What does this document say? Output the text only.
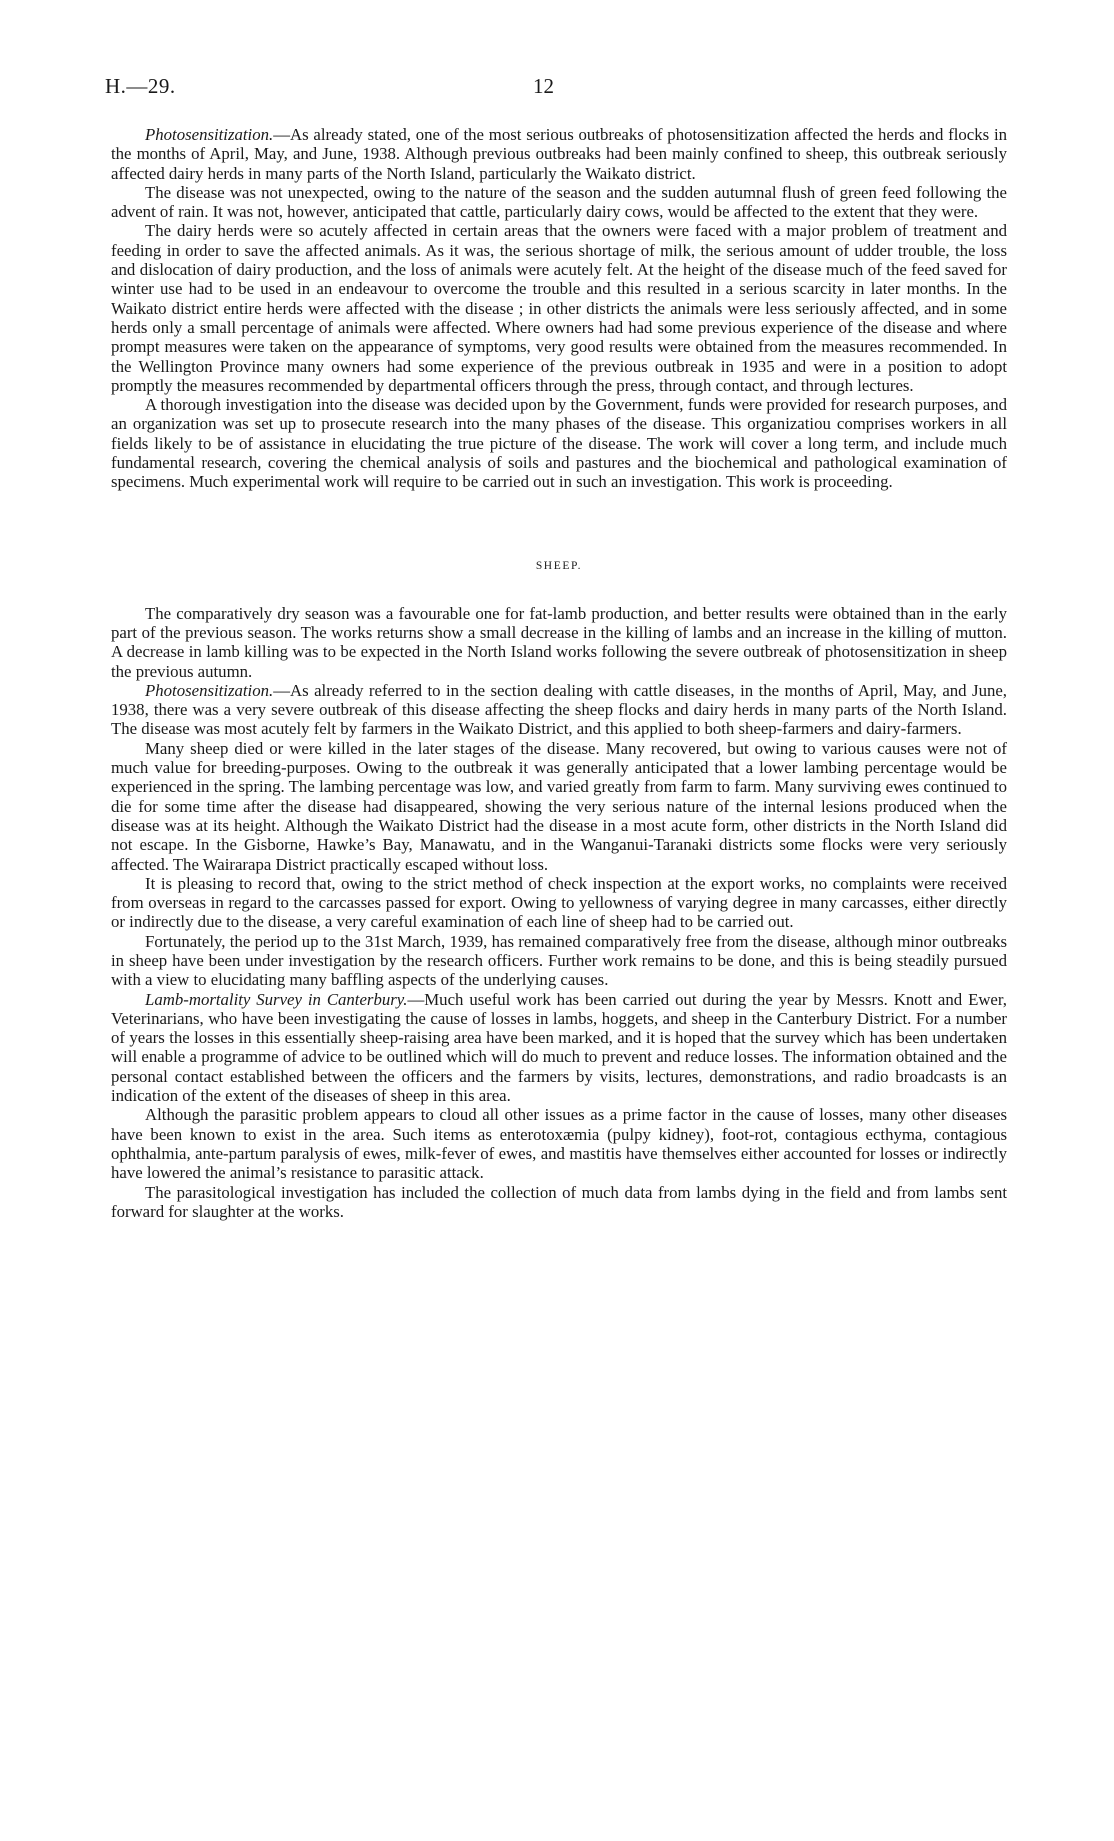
H.—29.	12

Photosensitization.—As already stated, one of the most serious outbreaks of photosensitization affected the herds and flocks in the months of April, May, and June, 1938. Although previous outbreaks had been mainly confined to sheep, this outbreak seriously affected dairy herds in many parts of the North Island, particularly the Waikato district.

The disease was not unexpected, owing to the nature of the season and the sudden autumnal flush of green feed following the advent of rain. It was not, however, anticipated that cattle, particularly dairy cows, would be affected to the extent that they were.

The dairy herds were so acutely affected in certain areas that the owners were faced with a major problem of treatment and feeding in order to save the affected animals. As it was, the serious shortage of milk, the serious amount of udder trouble, the loss and dislocation of dairy production, and the loss of animals were acutely felt. At the height of the disease much of the feed saved for winter use had to be used in an endeavour to overcome the trouble and this resulted in a serious scarcity in later months. In the Waikato district entire herds were affected with the disease ; in other districts the animals were less seriously affected, and in some herds only a small percentage of animals were affected. Where owners had had some previous experience of the disease and where prompt measures were taken on the appearance of symptoms, very good results were obtained from the measures recommended. In the Wellington Province many owners had some experience of the previous outbreak in 1935 and were in a position to adopt promptly the measures recommended by departmental officers through the press, through contact, and through lectures.

A thorough investigation into the disease was decided upon by the Government, funds were provided for research purposes, and an organization was set up to prosecute research into the many phases of the disease. This organizatiou comprises workers in all fields likely to be of assistance in elucidating the true picture of the disease. The work will cover a long term, and include much fundamental research, covering the chemical analysis of soils and pastures and the biochemical and pathological examination of specimens. Much experimental work will require to be carried out in such an investigation. This work is proceeding.

SHEEP.

The comparatively dry season was a favourable one for fat-lamb production, and better results were obtained than in the early part of the previous season. The works returns show a small decrease in the killing of lambs and an increase in the killing of mutton. A decrease in lamb killing was to be expected in the North Island works following the severe outbreak of photosensitization in sheep the previous autumn.

Photosensitization.—As already referred to in the section dealing with cattle diseases, in the months of April, May, and June, 1938, there was a very severe outbreak of this disease affecting the sheep flocks and dairy herds in many parts of the North Island. The disease was most acutely felt by farmers in the Waikato District, and this applied to both sheep-farmers and dairy-farmers.

Many sheep died or were killed in the later stages of the disease. Many recovered, but owing to various causes were not of much value for breeding-purposes. Owing to the outbreak it was generally anticipated that a lower lambing percentage would be experienced in the spring. The lambing percentage was low, and varied greatly from farm to farm. Many surviving ewes continued to die for some time after the disease had disappeared, showing the very serious nature of the internal lesions produced when the disease was at its height. Although the Waikato District had the disease in a most acute form, other districts in the North Island did not escape. In the Gisborne, Hawke’s Bay, Manawatu, and in the Wanganui-Taranaki districts some flocks were very seriously affected. The Wairarapa District practically escaped without loss.

It is pleasing to record that, owing to the strict method of check inspection at the export works, no complaints were received from overseas in regard to the carcasses passed for export. Owing to yellowness of varying degree in many carcasses, either directly or indirectly due to the disease, a very careful examination of each line of sheep had to be carried out.

Fortunately, the period up to the 31st March, 1939, has remained comparatively free from the disease, although minor outbreaks in sheep have been under investigation by the research officers. Further work remains to be done, and this is being steadily pursued with a view to elucidating many baffling aspects of the underlying causes.

Lamb-mortality Survey in Canterbury.—Much useful work has been carried out during the year by Messrs. Knott and Ewer, Veterinarians, who have been investigating the cause of losses in lambs, hoggets, and sheep in the Canterbury District. For a number of years the losses in this essentially sheep-raising area have been marked, and it is hoped that the survey which has been undertaken will enable a programme of advice to be outlined which will do much to prevent and reduce losses. The information obtained and the personal contact established between the officers and the farmers by visits, lectures, demonstrations, and radio broadcasts is an indication of the extent of the diseases of sheep in this area.

Although the parasitic problem appears to cloud all other issues as a prime factor in the cause of losses, many other diseases have been known to exist in the area. Such items as enterotoxæmia (pulpy kidney), foot-rot, contagious ecthyma, contagious ophthalmia, ante-partum paralysis of ewes, milk-fever of ewes, and mastitis have themselves either accounted for losses or indirectly have lowered the animal’s resistance to parasitic attack.

The parasitological investigation has included the collection of much data from lambs dying in the field and from lambs sent forward for slaughter at the works.
